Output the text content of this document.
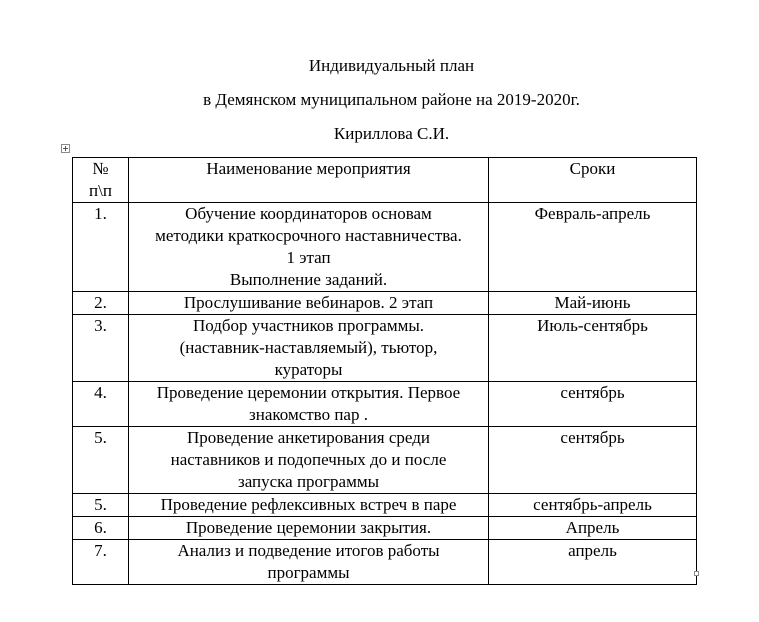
Индивидуальный план
в Демянском муниципальном районе на 2019-2020г.
Кириллова С.И.
№ п\п	Наименование мероприятия	Сроки
1.	Обучение координаторов основам
методики краткосрочного наставничества.
1 этап
Выполнение заданий.	Февраль-апрель
2.	Прослушивание вебинаров. 2 этап	Май-июнь
3.	Подбор участников программы.
(наставник-наставляемый), тьютор,
кураторы	Июль-сентябрь
4.	Проведение церемонии открытия. Первое
знакомство пар .	сентябрь
5.	Проведение анкетирования среди
наставников и подопечных до и после
запуска программы	сентябрь
5.	Проведение рефлексивных встреч в паре	сентябрь-апрель
6.	Проведение церемонии закрытия.	Апрель
7.	Анализ и подведение итогов работы
программы	апрель
